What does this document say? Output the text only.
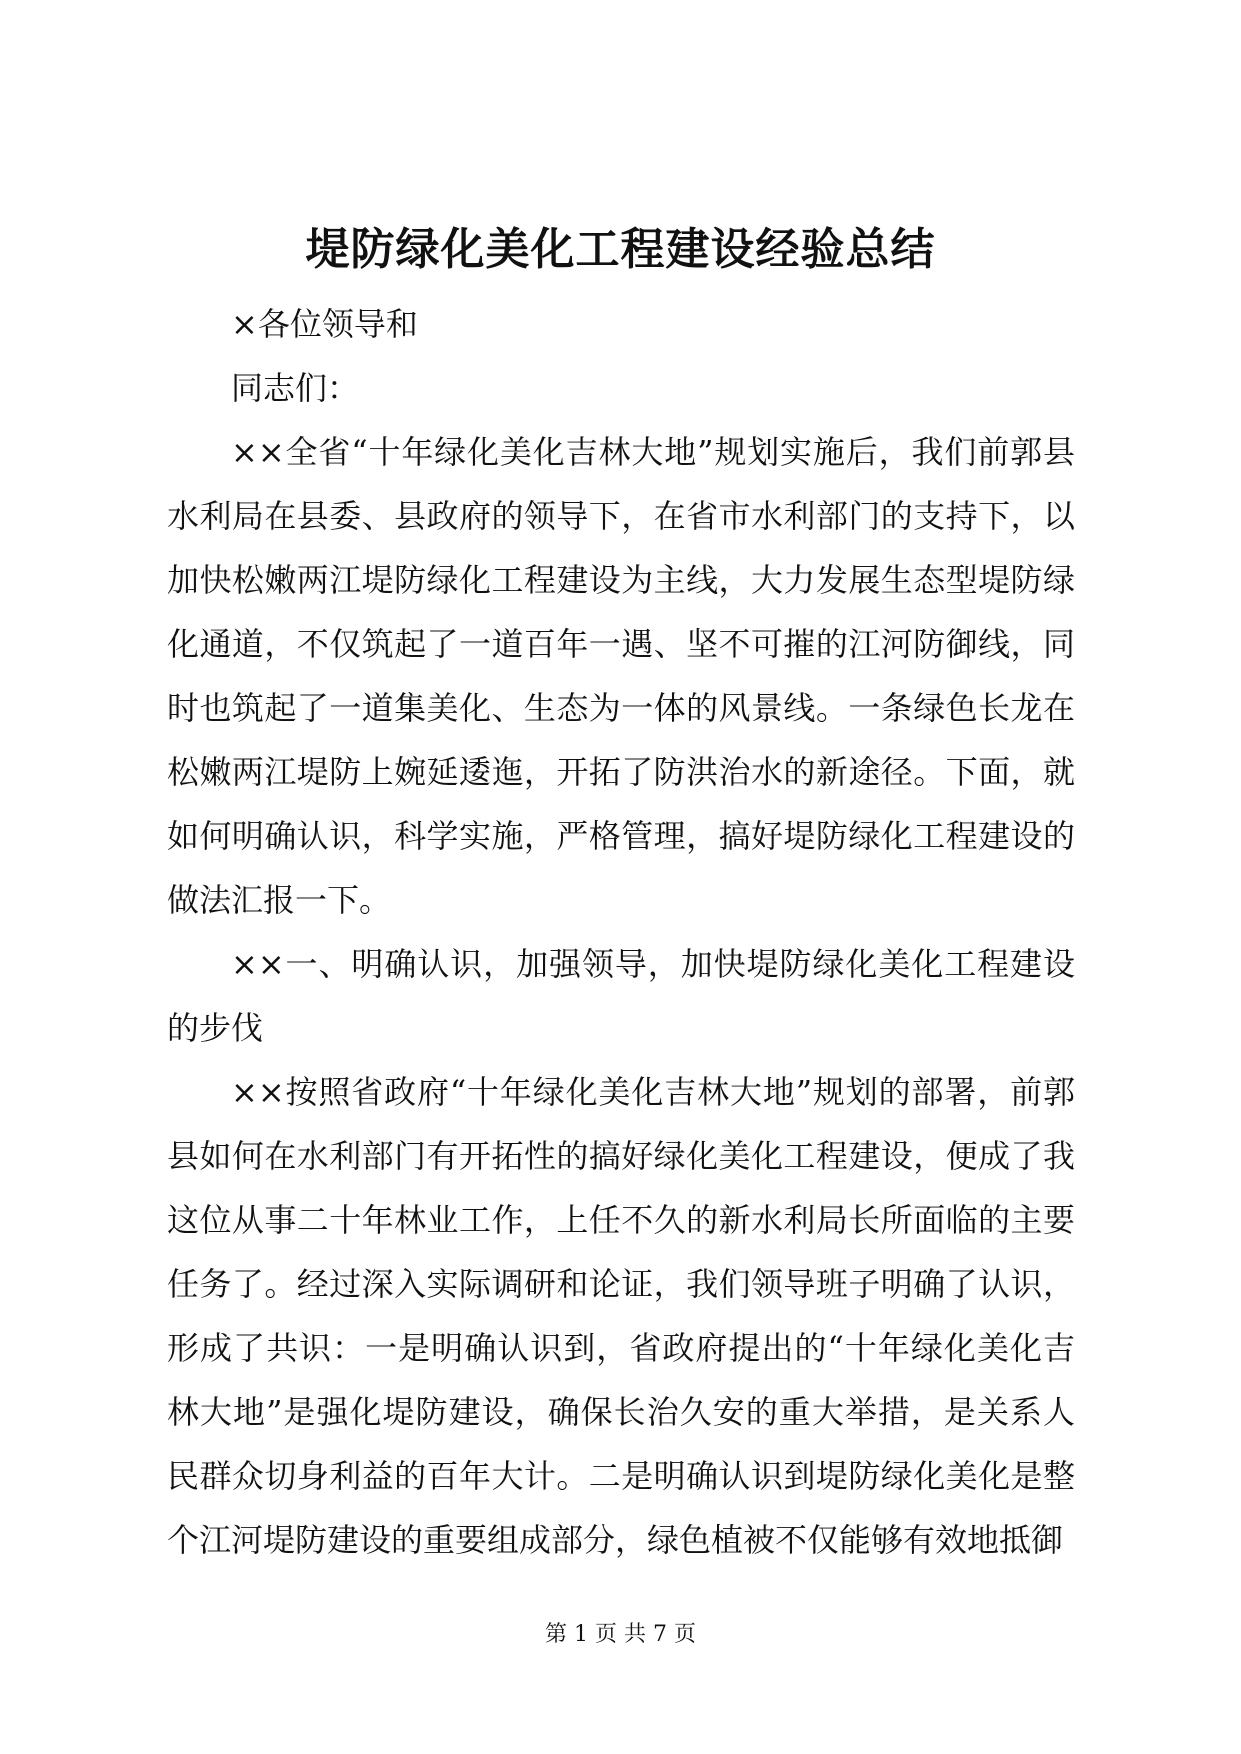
堤防绿化美化工程建设经验总结

×各位领导和

同志们：

××全省“十年绿化美化吉林大地”规划实施后，我们前郭县水利局在县委、县政府的领导下，在省市水利部门的支持下，以加快松嫩两江堤防绿化工程建设为主线，大力发展生态型堤防绿化通道，不仅筑起了一道百年一遇、坚不可摧的江河防御线，同时也筑起了一道集美化、生态为一体的风景线。一条绿色长龙在松嫩两江堤防上婉延逶迤，开拓了防洪治水的新途径。下面，就如何明确认识，科学实施，严格管理，搞好堤防绿化工程建设的做法汇报一下。

××一、明确认识，加强领导，加快堤防绿化美化工程建设的步伐

××按照省政府“十年绿化美化吉林大地”规划的部署，前郭县如何在水利部门有开拓性的搞好绿化美化工程建设，便成了我这位从事二十年林业工作，上任不久的新水利局长所面临的主要任务了。经过深入实际调研和论证，我们领导班子明确了认识，形成了共识：一是明确认识到，省政府提出的“十年绿化美化吉林大地”是强化堤防建设，确保长治久安的重大举措，是关系人民群众切身利益的百年大计。二是明确认识到堤防绿化美化是整个江河堤防建设的重要组成部分，绿色植被不仅能够有效地抵御

第 1 页 共 7 页
